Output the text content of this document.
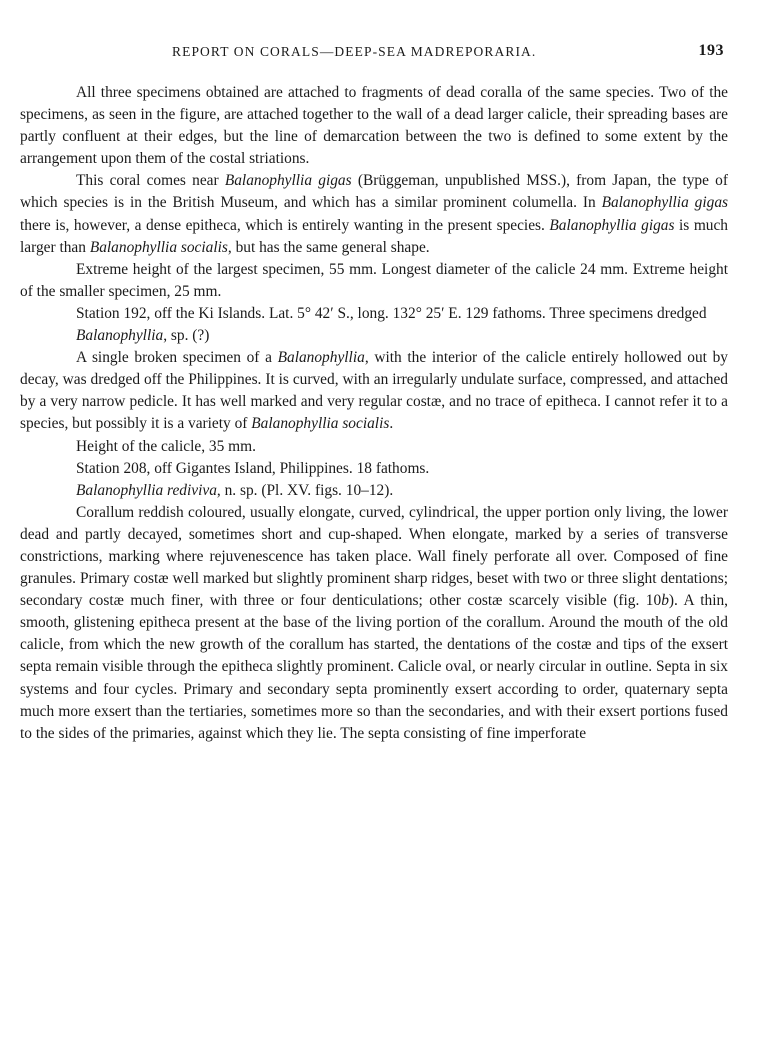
REPORT ON CORALS—DEEP-SEA MADREPORARIA.	193

All three specimens obtained are attached to fragments of dead coralla of the same species. Two of the specimens, as seen in the figure, are attached together to the wall of a dead larger calicle, their spreading bases are partly confluent at their edges, but the line of demarcation between the two is defined to some extent by the arrangement upon them of the costal striations.

This coral comes near Balanophyllia gigas (Brüggeman, unpublished MSS.), from Japan, the type of which species is in the British Museum, and which has a similar prominent columella. In Balanophyllia gigas there is, however, a dense epitheca, which is entirely wanting in the present species. Balanophyllia gigas is much larger than Balanophyllia socialis, but has the same general shape.

Extreme height of the largest specimen, 55 mm. Longest diameter of the calicle 24 mm. Extreme height of the smaller specimen, 25 mm.

Station 192, off the Ki Islands. Lat. 5° 42′ S., long. 132° 25′ E. 129 fathoms. Three specimens dredged

Balanophyllia, sp. (?)

A single broken specimen of a Balanophyllia, with the interior of the calicle entirely hollowed out by decay, was dredged off the Philippines. It is curved, with an irregularly undulate surface, compressed, and attached by a very narrow pedicle. It has well marked and very regular costæ, and no trace of epitheca. I cannot refer it to a species, but possibly it is a variety of Balanophyllia socialis.

Height of the calicle, 35 mm.

Station 208, off Gigantes Island, Philippines. 18 fathoms.

Balanophyllia rediviva, n. sp. (Pl. XV. figs. 10–12).

Corallum reddish coloured, usually elongate, curved, cylindrical, the upper portion only living, the lower dead and partly decayed, sometimes short and cup-shaped. When elongate, marked by a series of transverse constrictions, marking where rejuvenescence has taken place. Wall finely perforate all over. Composed of fine granules. Primary costæ well marked but slightly prominent sharp ridges, beset with two or three slight dentations; secondary costæ much finer, with three or four denticulations; other costæ scarcely visible (fig. 10b). A thin, smooth, glistening epitheca present at the base of the living portion of the corallum. Around the mouth of the old calicle, from which the new growth of the corallum has started, the dentations of the costæ and tips of the exsert septa remain visible through the epitheca slightly prominent. Calicle oval, or nearly circular in outline. Septa in six systems and four cycles. Primary and secondary septa prominently exsert according to order, quaternary septa much more exsert than the tertiaries, sometimes more so than the secondaries, and with their exsert portions fused to the sides of the primaries, against which they lie. The septa consisting of fine imperforate
